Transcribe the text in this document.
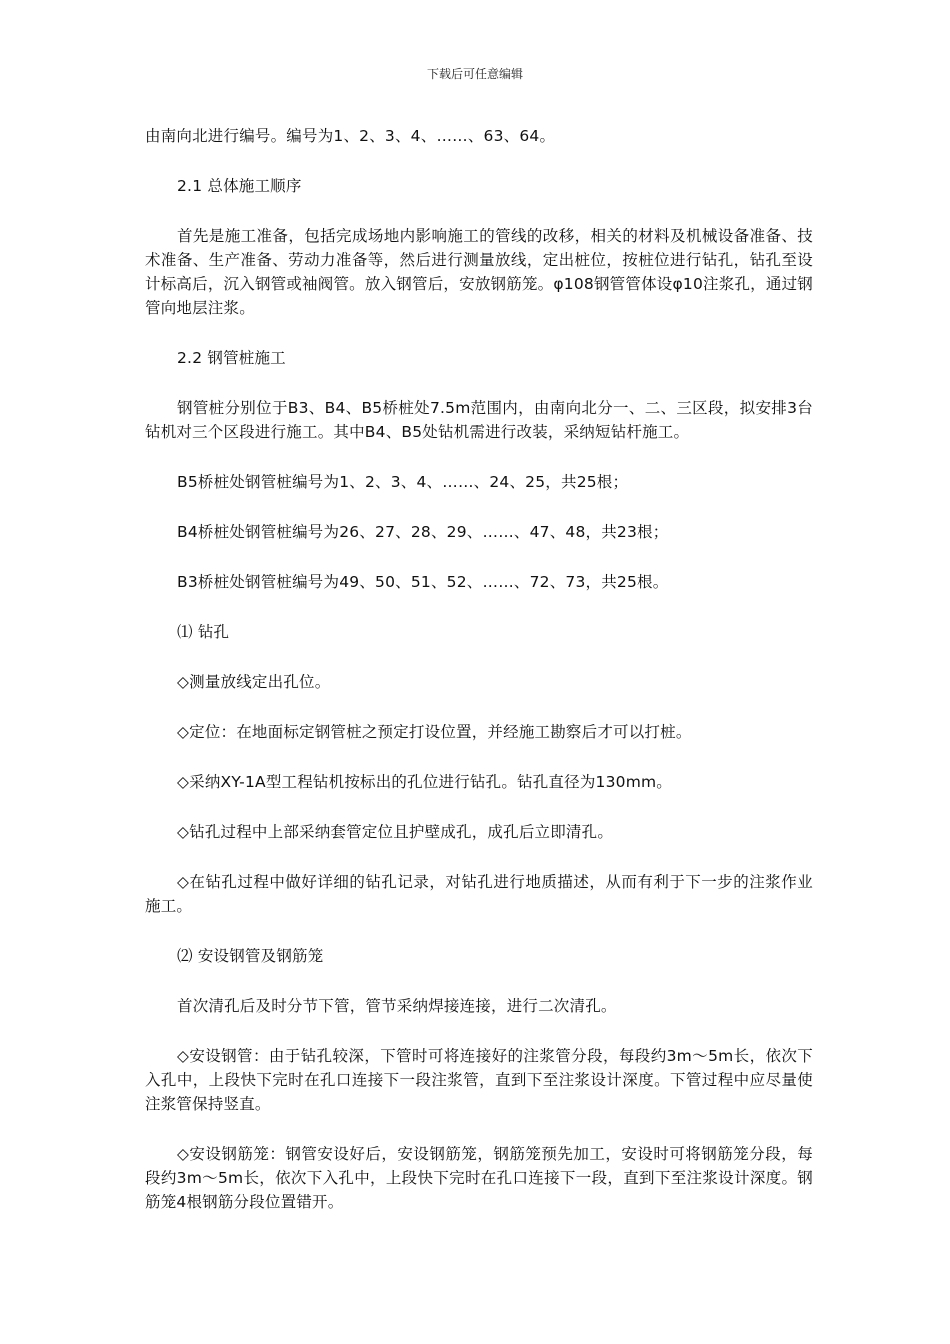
下载后可任意编辑

由南向北进行编号。编号为1、2、3、4、……、63、64。

2.1 总体施工顺序

首先是施工准备，包括完成场地内影响施工的管线的改移，相关的材料及机械设备准备、技术准备、生产准备、劳动力准备等，然后进行测量放线，定出桩位，按桩位进行钻孔，钻孔至设计标高后，沉入钢管或袖阀管。放入钢管后，安放钢筋笼。φ108钢管管体设φ10注浆孔，通过钢管向地层注浆。

2.2 钢管桩施工

钢管桩分别位于B3、B4、B5桥桩处7.5m范围内，由南向北分一、二、三区段，拟安排3台钻机对三个区段进行施工。其中B4、B5处钻机需进行改装，采纳短钻杆施工。

B5桥桩处钢管桩编号为1、2、3、4、……、24、25，共25根；

B4桥桩处钢管桩编号为26、27、28、29、……、47、48，共23根；

B3桥桩处钢管桩编号为49、50、51、52、……、72、73，共25根。

⑴ 钻孔

◇测量放线定出孔位。

◇定位：在地面标定钢管桩之预定打设位置，并经施工勘察后才可以打桩。

◇采纳XY-1A型工程钻机按标出的孔位进行钻孔。钻孔直径为130mm。

◇钻孔过程中上部采纳套管定位且护壁成孔，成孔后立即清孔。

◇在钻孔过程中做好详细的钻孔记录，对钻孔进行地质描述，从而有利于下一步的注浆作业施工。

⑵ 安设钢管及钢筋笼

首次清孔后及时分节下管，管节采纳焊接连接，进行二次清孔。

◇安设钢管：由于钻孔较深，下管时可将连接好的注浆管分段，每段约3m～5m长，依次下入孔中，上段快下完时在孔口连接下一段注浆管，直到下至注浆设计深度。下管过程中应尽量使注浆管保持竖直。

◇安设钢筋笼：钢管安设好后，安设钢筋笼，钢筋笼预先加工，安设时可将钢筋笼分段，每段约3m～5m长，依次下入孔中，上段快下完时在孔口连接下一段，直到下至注浆设计深度。钢筋笼4根钢筋分段位置错开。
